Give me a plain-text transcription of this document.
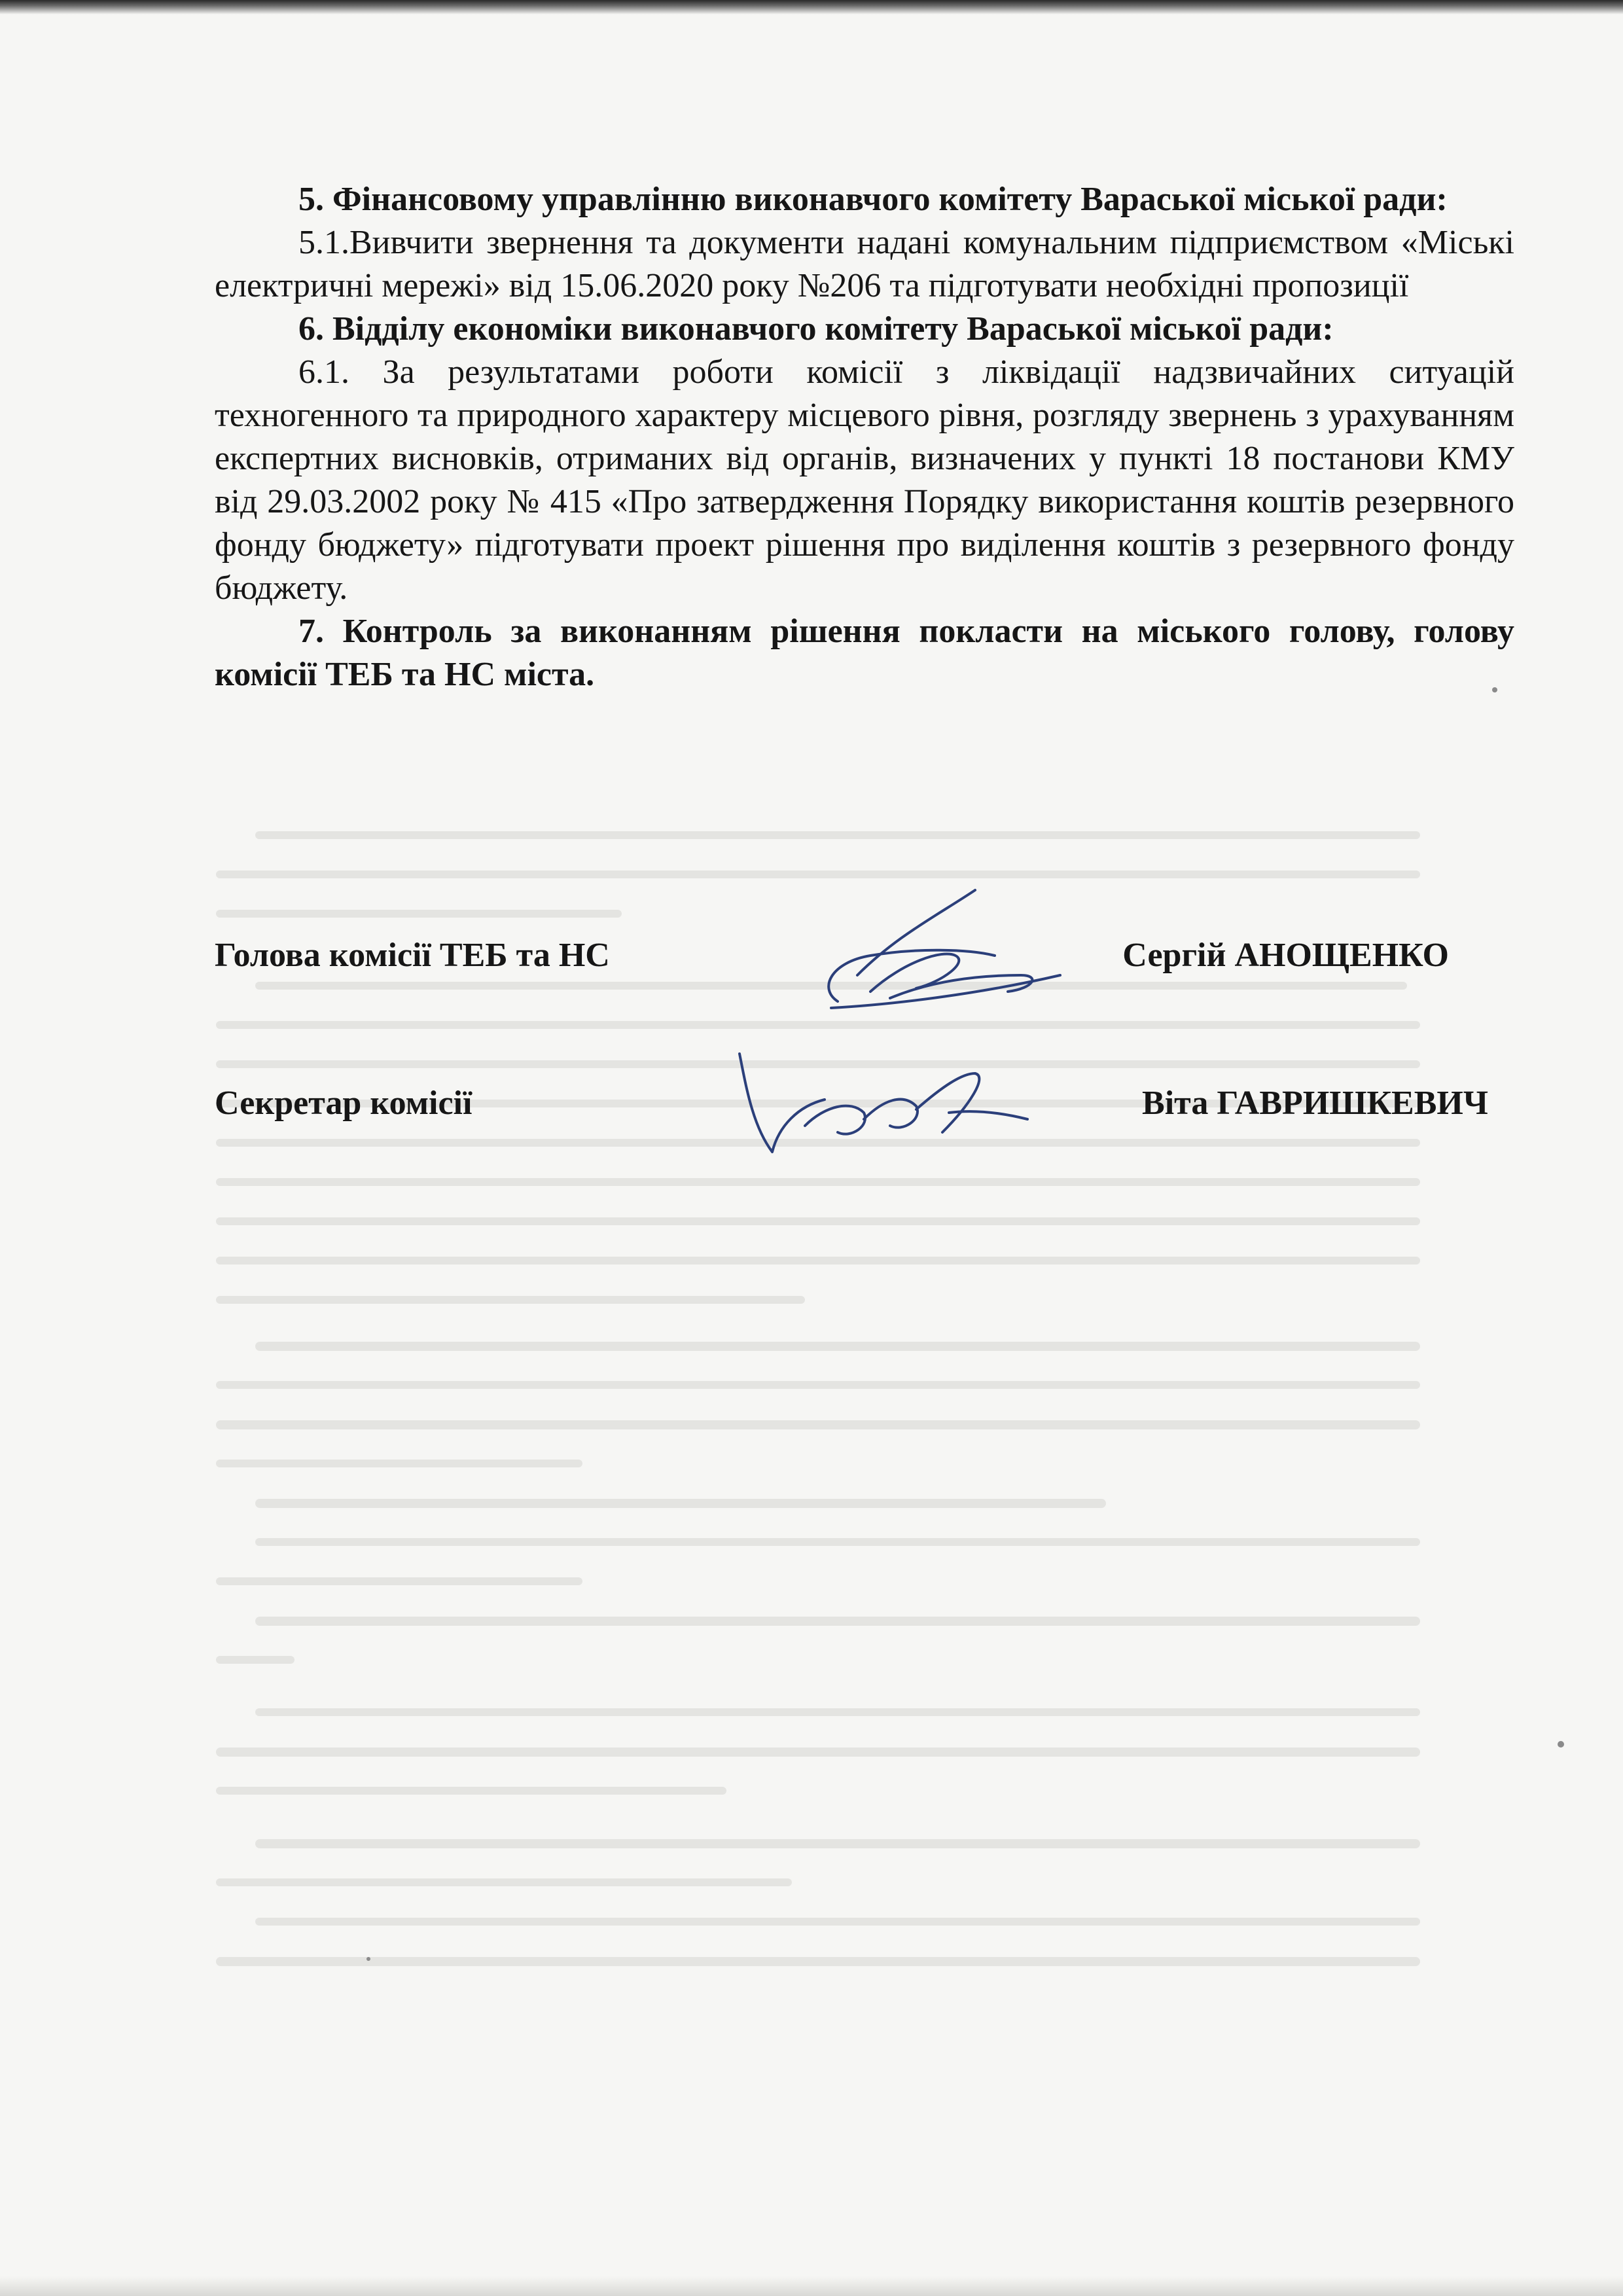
5. Фінансовому управлінню виконавчого комітету Вараської міської ради:

5.1.Вивчити звернення та документи надані комунальним підприємством «Міські електричні мережі» від 15.06.2020 року №206 та підготувати необхідні пропозиції

6. Відділу економіки виконавчого комітету Вараської міської ради:

6.1. За результатами роботи комісії з ліквідації надзвичайних ситуацій техногенного та природного характеру місцевого рівня, розгляду звернень з урахуванням експертних висновків, отриманих від органів, визначених у пункті 18 постанови КМУ від 29.03.2002 року № 415 «Про затвердження Порядку використання коштів резервного фонду бюджету» підготувати проект рішення про виділення коштів з резервного фонду бюджету.

7. Контроль за виконанням рішення покласти на міського голову, голову комісії ТЕБ та НС міста.

Голова комісії ТЕБ та НС	Сергій АНОЩЕНКО
Секретар комісії	Віта ГАВРИШКЕВИЧ
